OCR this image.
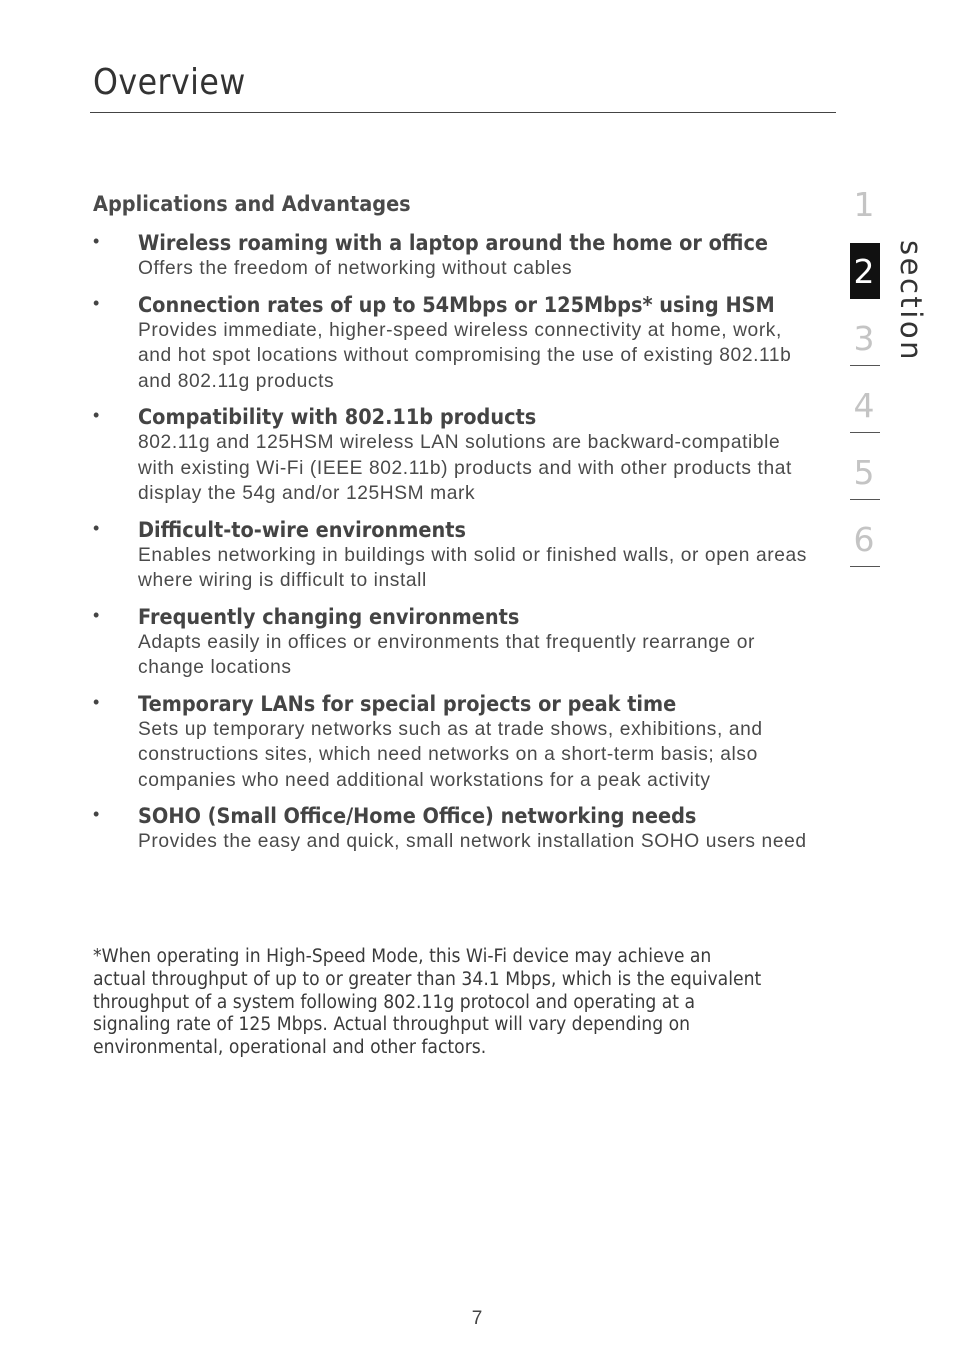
Overview
Applications and Advantages
• Wireless roaming with a laptop around the home or office
Offers the freedom of networking without cables
• Connection rates of up to 54Mbps or 125Mbps* using HSM
Provides immediate, higher-speed wireless connectivity at home, work, and hot spot locations without compromising the use of existing 802.11b and 802.11g products
• Compatibility with 802.11b products
802.11g and 125HSM wireless LAN solutions are backward-compatible with existing Wi-Fi (IEEE 802.11b) products and with other products that display the 54g and/or 125HSM mark
• Difficult-to-wire environments
Enables networking in buildings with solid or finished walls, or open areas where wiring is difficult to install
• Frequently changing environments
Adapts easily in offices or environments that frequently rearrange or change locations
• Temporary LANs for special projects or peak time
Sets up temporary networks such as at trade shows, exhibitions, and constructions sites, which need networks on a short-term basis; also companies who need additional workstations for a peak activity
• SOHO (Small Office/Home Office) networking needs
Provides the easy and quick, small network installation SOHO users need
*When operating in High-Speed Mode, this Wi-Fi device may achieve an actual throughput of up to or greater than 34.1 Mbps, which is the equivalent throughput of a system following 802.11g protocol and operating at a signaling rate of 125 Mbps. Actual throughput will vary depending on environmental, operational and other factors.
1
2
3
4
5
6
section
7
